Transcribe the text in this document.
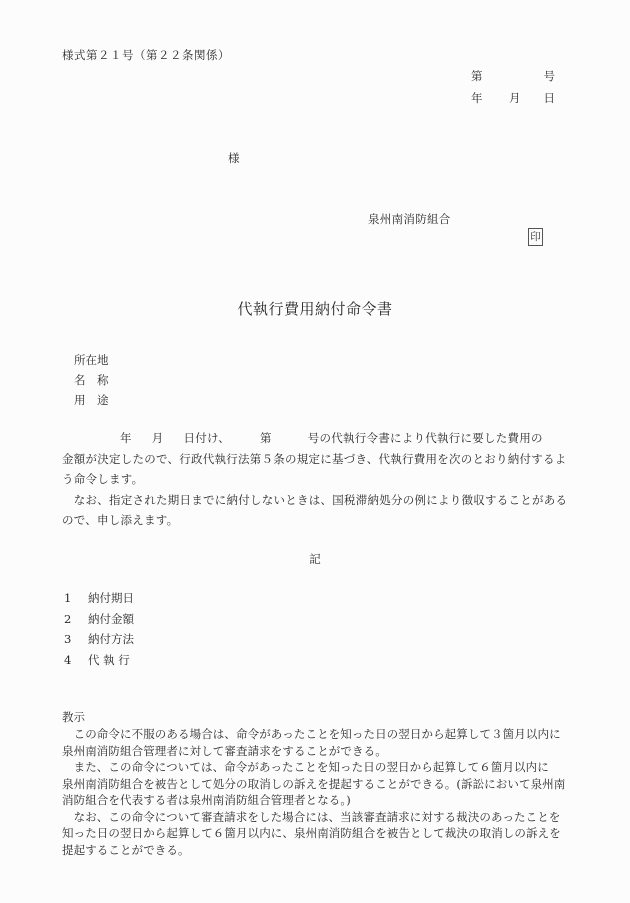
様式第２１号（第２２条関係）
第	号
年 月 日
様
泉州南消防組合
印
代執行費用納付命令書
所在地
名　称
用　途
年 月 日付け、	第	号の代執行令書により代執行に要した費用の
金額が決定したので、行政代執行法第５条の規定に基づき、代執行費用を次のとおり納付するよ
う命令します。
　なお、指定された期日までに納付しないときは、国税滞納処分の例により徴収することがある
ので、申し添えます。
記
1	納付期日
2	納付金額
3	納付方法
4	代 執 行
教示
　この命令に不服のある場合は、命令があったことを知った日の翌日から起算して３箇月以内に
泉州南消防組合管理者に対して審査請求をすることができる。
　また、この命令については、命令があったことを知った日の翌日から起算して６箇月以内に
泉州南消防組合を被告として処分の取消しの訴えを提起することができる。(訴訟において泉州南
消防組合を代表する者は泉州南消防組合管理者となる。)
　なお、この命令について審査請求をした場合には、当該審査請求に対する裁決のあったことを
知った日の翌日から起算して６箇月以内に、泉州南消防組合を被告として裁決の取消しの訴えを
提起することができる。
